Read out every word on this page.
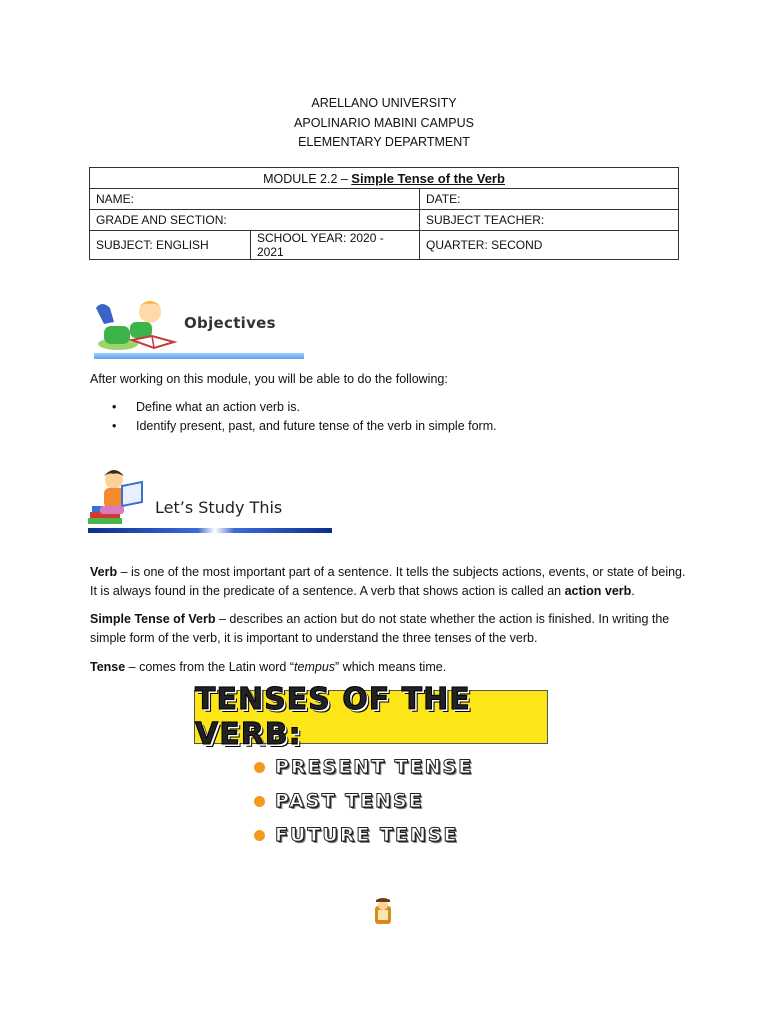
ARELLANO UNIVERSITY
APOLINARIO MABINI CAMPUS
ELEMENTARY DEPARTMENT
MODULE 2.2 – Simple Tense of the Verb		
NAME:		DATE:
GRADE AND SECTION:		SUBJECT TEACHER:
SUBJECT: ENGLISH	SCHOOL YEAR: 2020 - 2021	QUARTER: SECOND
Objectives
After working on this module, you will be able to do the following:
• Define what an action verb is.
• Identify present, past, and future tense of the verb in simple form.
Let’s Study This
Verb – is one of the most important part of a sentence. It tells the subjects actions, events, or state of being. It is always found in the predicate of a sentence. A verb that shows action is called an action verb.
Simple Tense of Verb – describes an action but do not state whether the action is finished. In writing the simple form of the verb, it is important to understand the three tenses of the verb.
Tense – comes from the Latin word “tempus” which means time.
TENSES OF THE VERB:
PRESENT TENSE
PAST TENSE
FUTURE TENSE
